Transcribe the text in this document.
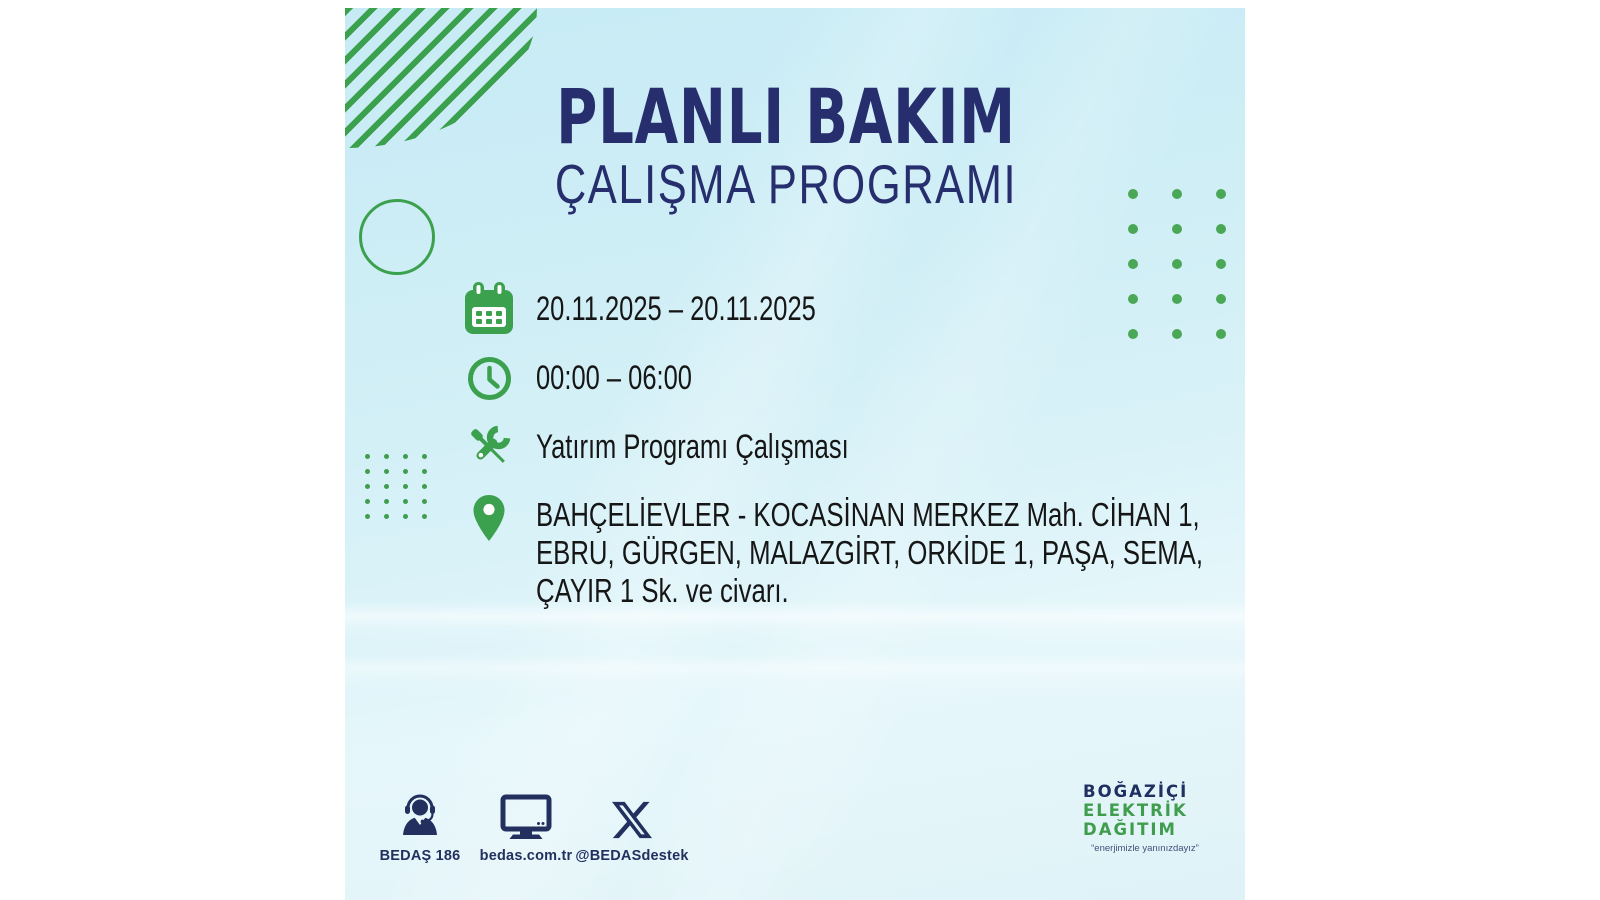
PLANLI BAKIM
ÇALIŞMA PROGRAMI
20.11.2025 – 20.11.2025
00:00 – 06:00
Yatırım Programı Çalışması
BAHÇELİEVLER - KOCASİNAN MERKEZ Mah. CİHAN 1,
EBRU, GÜRGEN, MALAZGİRT, ORKİDE 1, PAŞA, SEMA,
ÇAYIR 1 Sk. ve civarı.
BEDAŞ 186 bedas.com.tr @BEDASdestek
BOĞAZİÇİ
ELEKTRİK
DAĞITIM
“enerjimizle yanınızdayız”
